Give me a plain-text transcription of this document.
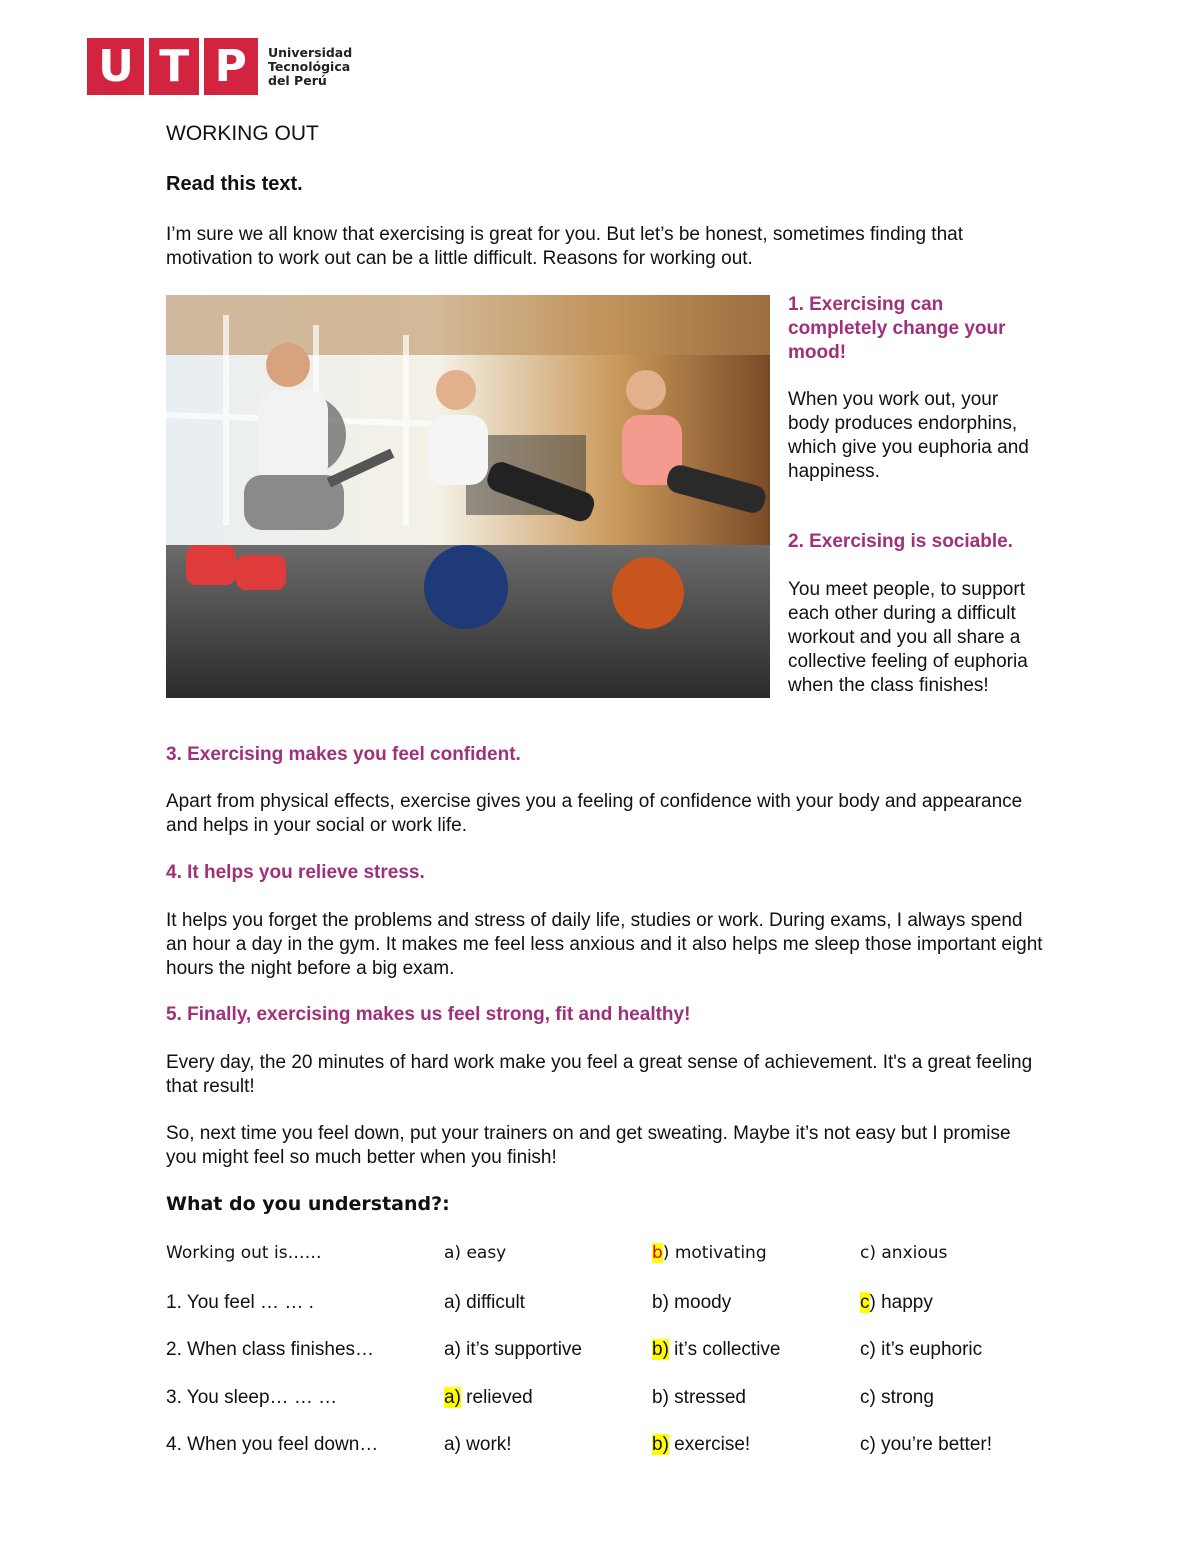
U T P Universidad
Tecnológica
del Perú
WORKING OUT
Read this text.
I’m sure we all know that exercising is great for you. But let’s be honest, sometimes finding that motivation to work out can be a little difficult. Reasons for working out.
1. Exercising can completely change your mood!
When you work out, your body produces endorphins, which give you euphoria and happiness.
2. Exercising is sociable.
You meet people, to support each other during a difficult workout and you all share a collective feeling of euphoria when the class finishes!
3. Exercising makes you feel confident.
Apart from physical effects, exercise gives you a feeling of confidence with your body and appearance and helps in your social or work life.
4. It helps you relieve stress.
It helps you forget the problems and stress of daily life, studies or work. During exams, I always spend an hour a day in the gym. It makes me feel less anxious and it also helps me sleep those important eight hours the night before a big exam.
5. Finally, exercising makes us feel strong, fit and healthy!
Every day, the 20 minutes of hard work make you feel a great sense of achievement. It's a great feeling that result!
So, next time you feel down, put your trainers on and get sweating. Maybe it’s not easy but I promise you might feel so much better when you finish!
What do you understand?:
Working out is……	a) easy	b) motivating	c) anxious
1. You feel … … .	a) difficult	b) moody	c) happy
2. When class finishes…	a) it’s supportive	b) it’s collective	c) it’s euphoric
3. You sleep… … …	a) relieved	b) stressed	c) strong
4. When you feel down…	a) work!	b) exercise!	c) you’re better!
